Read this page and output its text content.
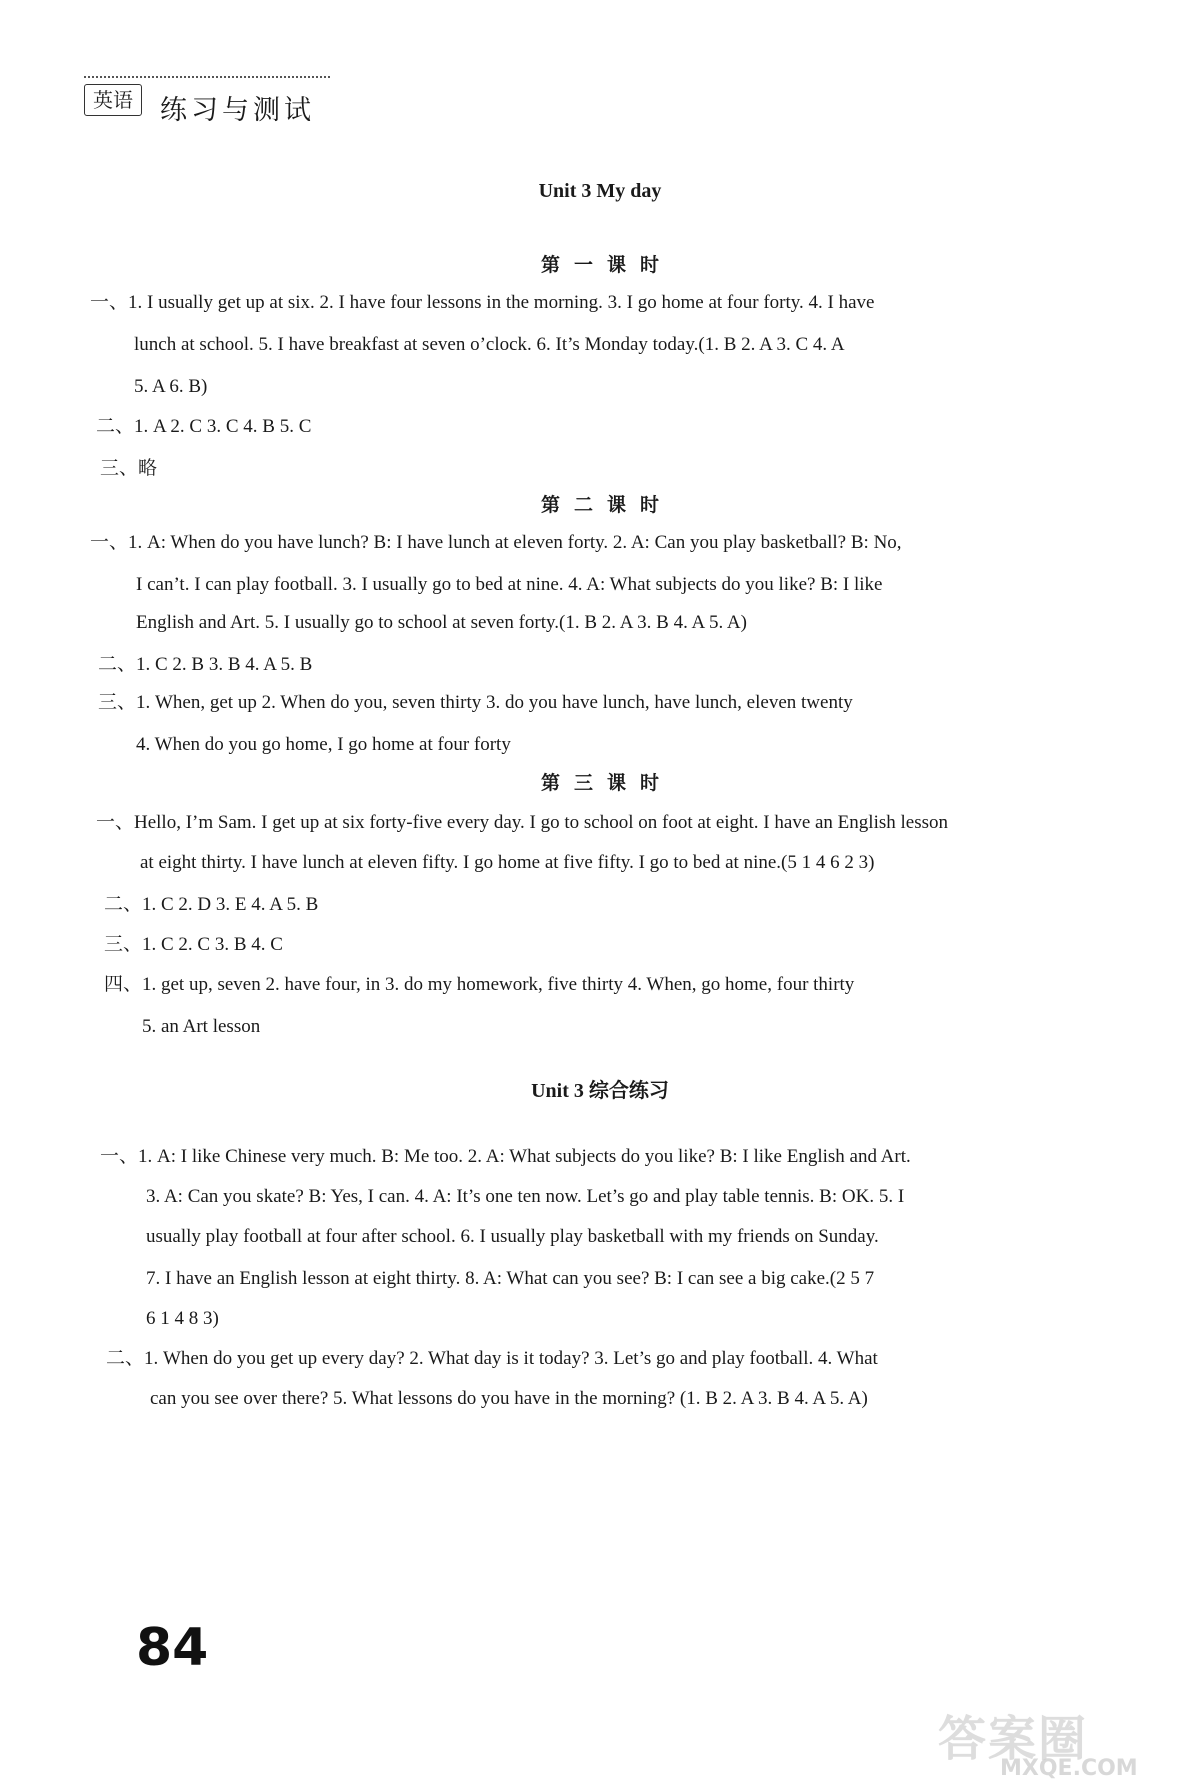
英语	练习与测试
Unit 3 My day
第一课时
一、1. I usually get up at six. 2. I have four lessons in the morning. 3. I go home at four forty. 4. I have
lunch at school. 5. I have breakfast at seven o’clock. 6. It’s Monday today.(1. B 2. A 3. C 4. A
5. A 6. B)
二、1. A 2. C 3. C 4. B 5. C
三、略
第二课时
一、1. A: When do you have lunch? B: I have lunch at eleven forty. 2. A: Can you play basketball? B: No,
I can’t. I can play football. 3. I usually go to bed at nine. 4. A: What subjects do you like? B: I like
English and Art. 5. I usually go to school at seven forty.(1. B 2. A 3. B 4. A 5. A)
二、1. C 2. B 3. B 4. A 5. B
三、1. When, get up 2. When do you, seven thirty 3. do you have lunch, have lunch, eleven twenty
4. When do you go home, I go home at four forty
第三课时
一、Hello, I’m Sam. I get up at six forty-five every day. I go to school on foot at eight. I have an English lesson
at eight thirty. I have lunch at eleven fifty. I go home at five fifty. I go to bed at nine.(5 1 4 6 2 3)
二、1. C 2. D 3. E 4. A 5. B
三、1. C 2. C 3. B 4. C
四、1. get up, seven 2. have four, in 3. do my homework, five thirty 4. When, go home, four thirty
5. an Art lesson
Unit 3 综合练习
一、1. A: I like Chinese very much. B: Me too. 2. A: What subjects do you like? B: I like English and Art.
3. A: Can you skate? B: Yes, I can. 4. A: It’s one ten now. Let’s go and play table tennis. B: OK. 5. I
usually play football at four after school. 6. I usually play basketball with my friends on Sunday.
7. I have an English lesson at eight thirty. 8. A: What can you see? B: I can see a big cake.(2 5 7
6 1 4 8 3)
二、1. When do you get up every day? 2. What day is it today? 3. Let’s go and play football. 4. What
can you see over there? 5. What lessons do you have in the morning? (1. B 2. A 3. B 4. A 5. A)
84
答案圈
MXQE.COM
